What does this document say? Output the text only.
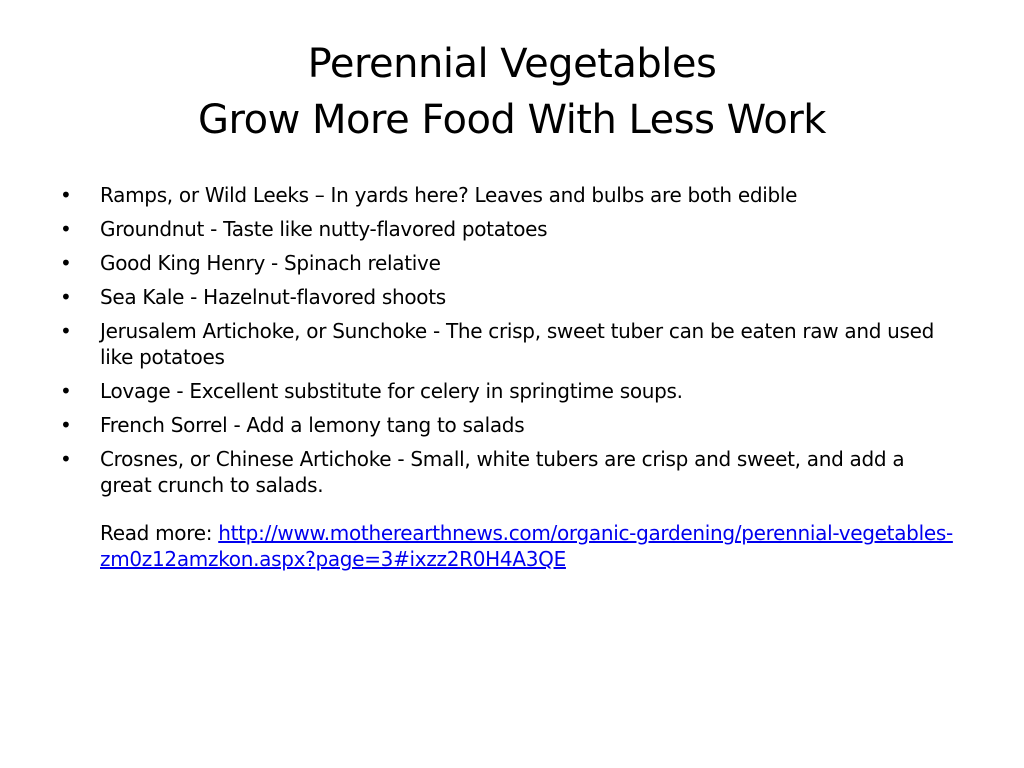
Perennial Vegetables
Grow More Food With Less Work
• Ramps, or Wild Leeks – In yards here? Leaves and bulbs are both edible
• Groundnut - Taste like nutty-flavored potatoes
• Good King Henry - Spinach relative
• Sea Kale - Hazelnut-flavored shoots
• Jerusalem Artichoke, or Sunchoke - The crisp, sweet tuber can be eaten raw and used like potatoes
• Lovage - Excellent substitute for celery in springtime soups.
• French Sorrel - Add a lemony tang to salads
• Crosnes, or Chinese Artichoke - Small, white tubers are crisp and sweet, and add a great crunch to salads.
Read more: http://www.motherearthnews.com/organic-gardening/perennial-vegetables-zm0z12amzkon.aspx?page=3#ixzz2R0H4A3QE
